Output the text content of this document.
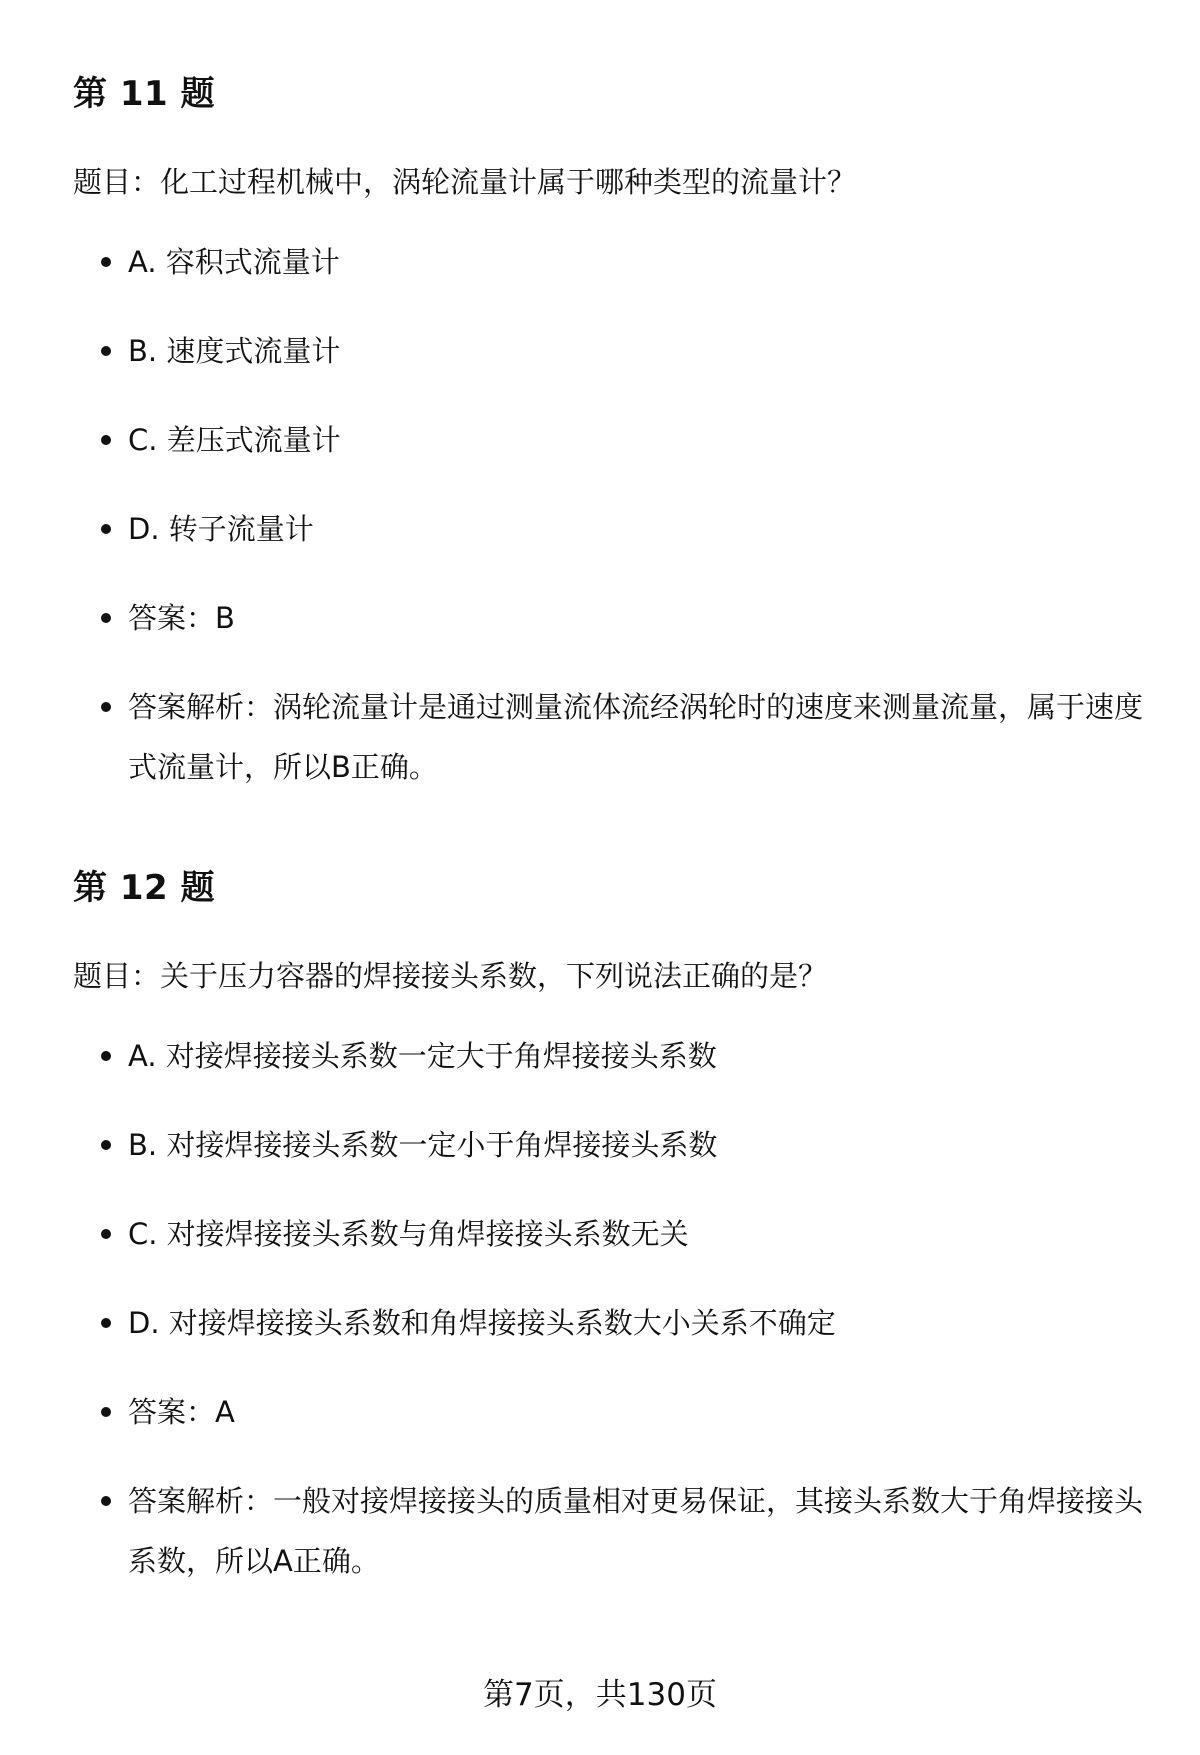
第 11 题

题目：化工过程机械中，涡轮流量计属于哪种类型的流量计？

A. 容积式流量计
B. 速度式流量计
C. 差压式流量计
D. 转子流量计
答案：B
答案解析：涡轮流量计是通过测量流体流经涡轮时的速度来测量流量，属于速度式流量计，所以B正确。
第 12 题

题目：关于压力容器的焊接接头系数，下列说法正确的是？

A. 对接焊接接头系数一定大于角焊接接头系数
B. 对接焊接接头系数一定小于角焊接接头系数
C. 对接焊接接头系数与角焊接接头系数无关
D. 对接焊接接头系数和角焊接接头系数大小关系不确定
答案：A
答案解析：一般对接焊接接头的质量相对更易保证，其接头系数大于角焊接接头系数，所以A正确。
第7页，共130页
